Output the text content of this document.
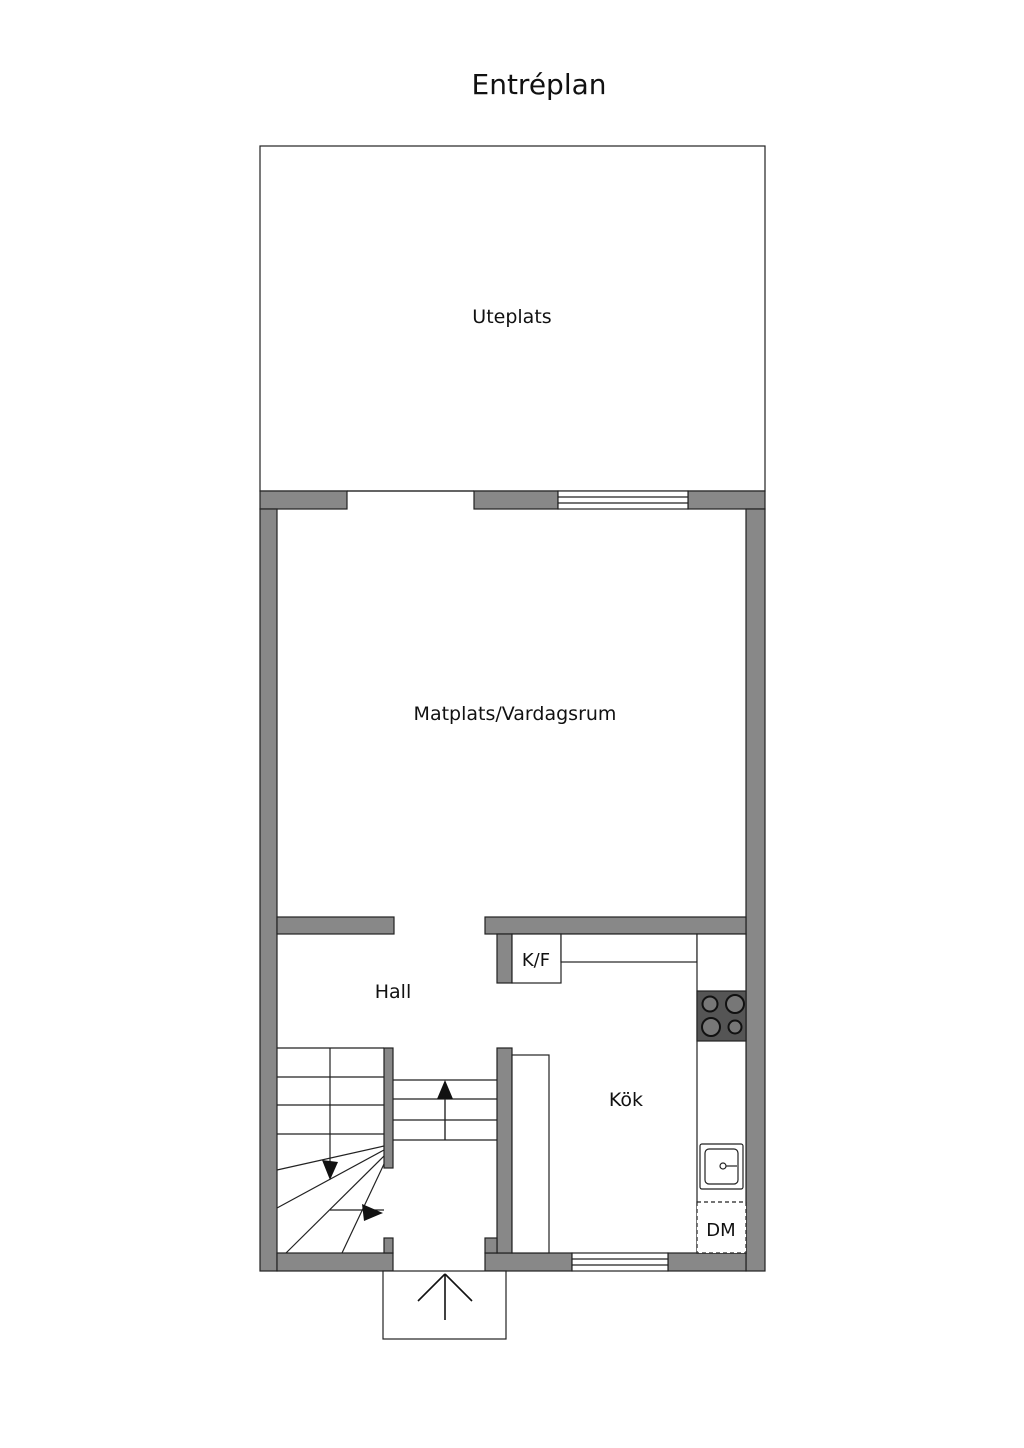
Entréplan
Uteplats
Matplats/Vardagsrum
Hall
Kök
K/F
DM
